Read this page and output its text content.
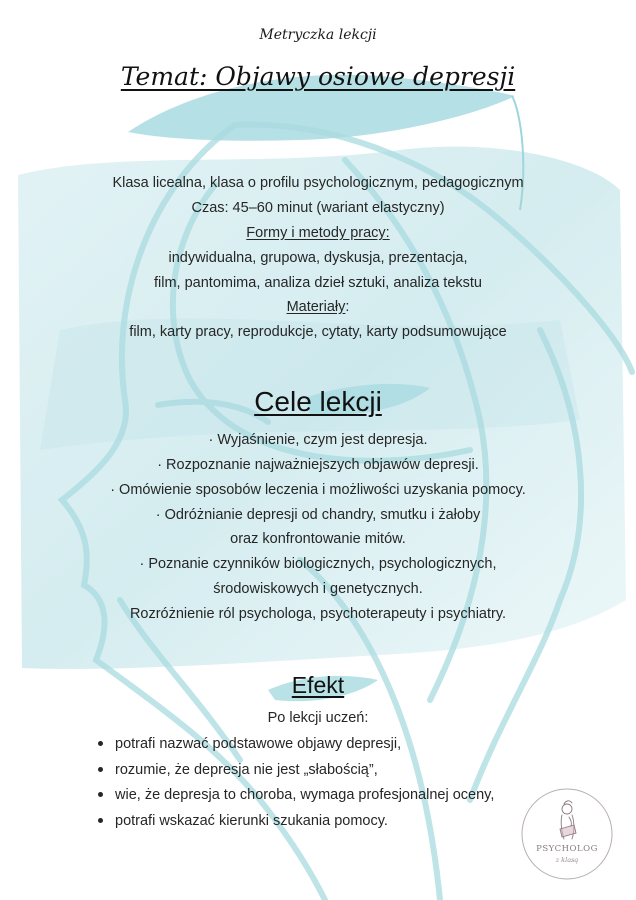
Metryczka lekcji
Temat: Objawy osiowe depresji
Klasa licealna, klasa o profilu psychologicznym, pedagogicznym
Czas: 45–60 minut (wariant elastyczny)
Formy i metody pracy:
indywidualna, grupowa, dyskusja, prezentacja,
film, pantomima, analiza dzieł sztuki, analiza tekstu
Materiały:
film, karty pracy, reprodukcje, cytaty, karty podsumowujące
Cele lekcji
· Wyjaśnienie, czym jest depresja.
· Rozpoznanie najważniejszych objawów depresji.
· Omówienie sposobów leczenia i możliwości uzyskania pomocy.
· Odróżnianie depresji od chandry, smutku i żałoby
oraz konfrontowanie mitów.
· Poznanie czynników biologicznych, psychologicznych,
środowiskowych i genetycznych.
Rozróżnienie ról psychologa, psychoterapeuty i psychiatry.
Efekt
Po lekcji uczeń:
potrafi nazwać podstawowe objawy depresji,
rozumie, że depresja nie jest „słabością”,
wie, że depresja to choroba, wymaga profesjonalnej oceny,
potrafi wskazać kierunki szukania pomocy.
PSYCHOLOG
z klasą
